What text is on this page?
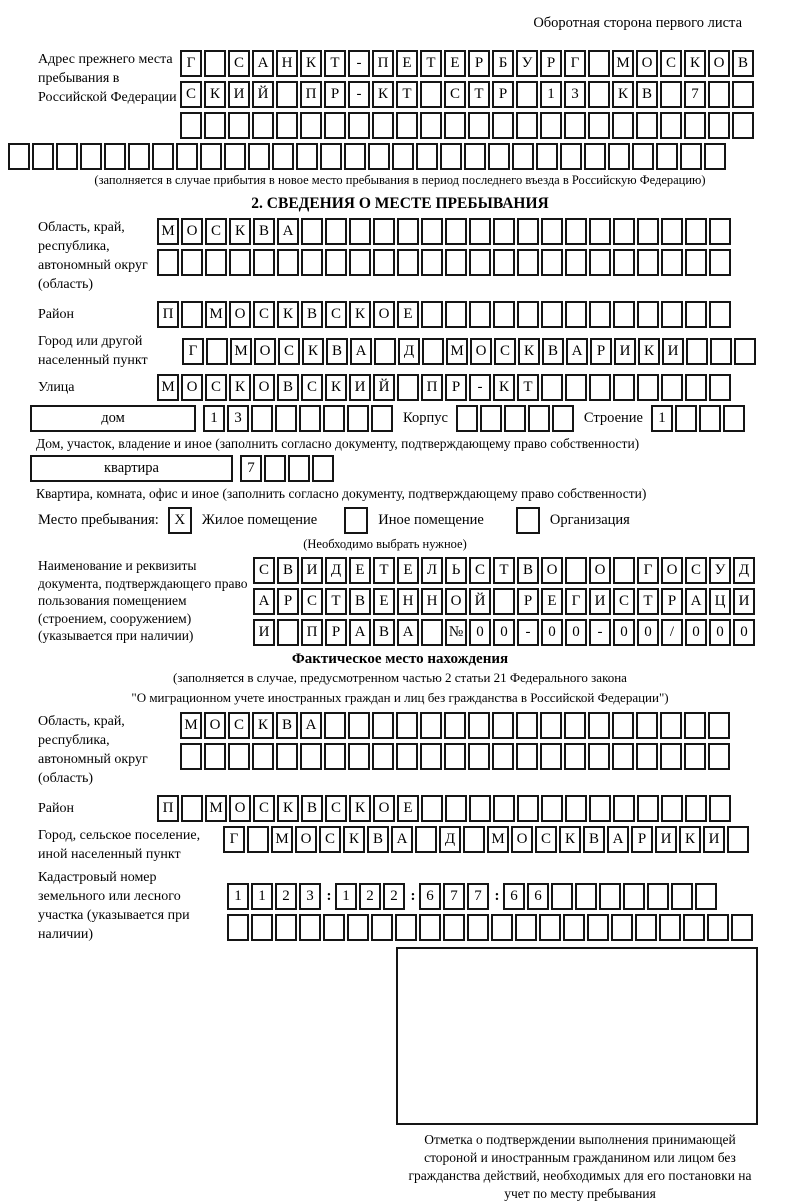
Оборотная сторона первого листа
Адрес прежнего места пребывания в Российской Федерации
Г	С А Н К Т	-	П Е Т Е	Р	Б У Р	Г	М О С К О В
С К И Й	П Р	-	К Т	С Т	Р	1	3	К В	7
(заполняется в случае прибытия в новое место пребывания в период последнего въезда в Российскую Федерацию)
2. СВЕДЕНИЯ О МЕСТЕ ПРЕБЫВАНИЯ
Область, край, республика, автономный округ (область)
М О С К В А
Район	П	М О С К В С К О Е
Город или другой населенный пункт
Г	М О С К В А	Д	М О С К В А Р И К И
Улица	М О С К О В С К И Й	П Р	-	К Т
дом	1	3	Корпус	Строение	1
Дом, участок, владение и иное (заполнить согласно документу, подтверждающему право собственности)
квартира	7
Квартира, комната, офис и иное (заполнить согласно документу, подтверждающему право собственности)
Место пребывания:	X	Жилое помещение	Иное помещение	Организация
(Необходимо выбрать нужное)
Наименование и реквизиты документа, подтверждающего право пользования помещением (строением, сооружением) (указывается при наличии)
С В И Д Е Т Е Л Ь С Т В О	О	Г О С У Д
А Р С Т В Е Н Н О Й	Р	Е	Г И С Т	Р А Ц И
И	П Р А В А	№ 0	0	-	0	0	-	0	0	/	0	0	0
Фактическое место нахождения
(заполняется в случае, предусмотренном частью 2 статьи 21 Федерального закона
"О миграционном учете иностранных граждан и лиц без гражданства в Российской Федерации")
Область, край, республика, автономный округ (область)
М О С К В А
Район	П	М О С К В С К О Е
Город, сельское поселение, иной населенный пункт
Г	М О С К В А	Д	М О С К В А Р И К И
Кадастровый номер земельного или лесного участка (указывается при наличии)
1	1	2	3 : 1	2	2 : 6	7	7 : 6	6
Отметка о подтверждении выполнения принимающей стороной и иностранным гражданином или лицом без гражданства действий, необходимых для его постановки на учет по месту пребывания
